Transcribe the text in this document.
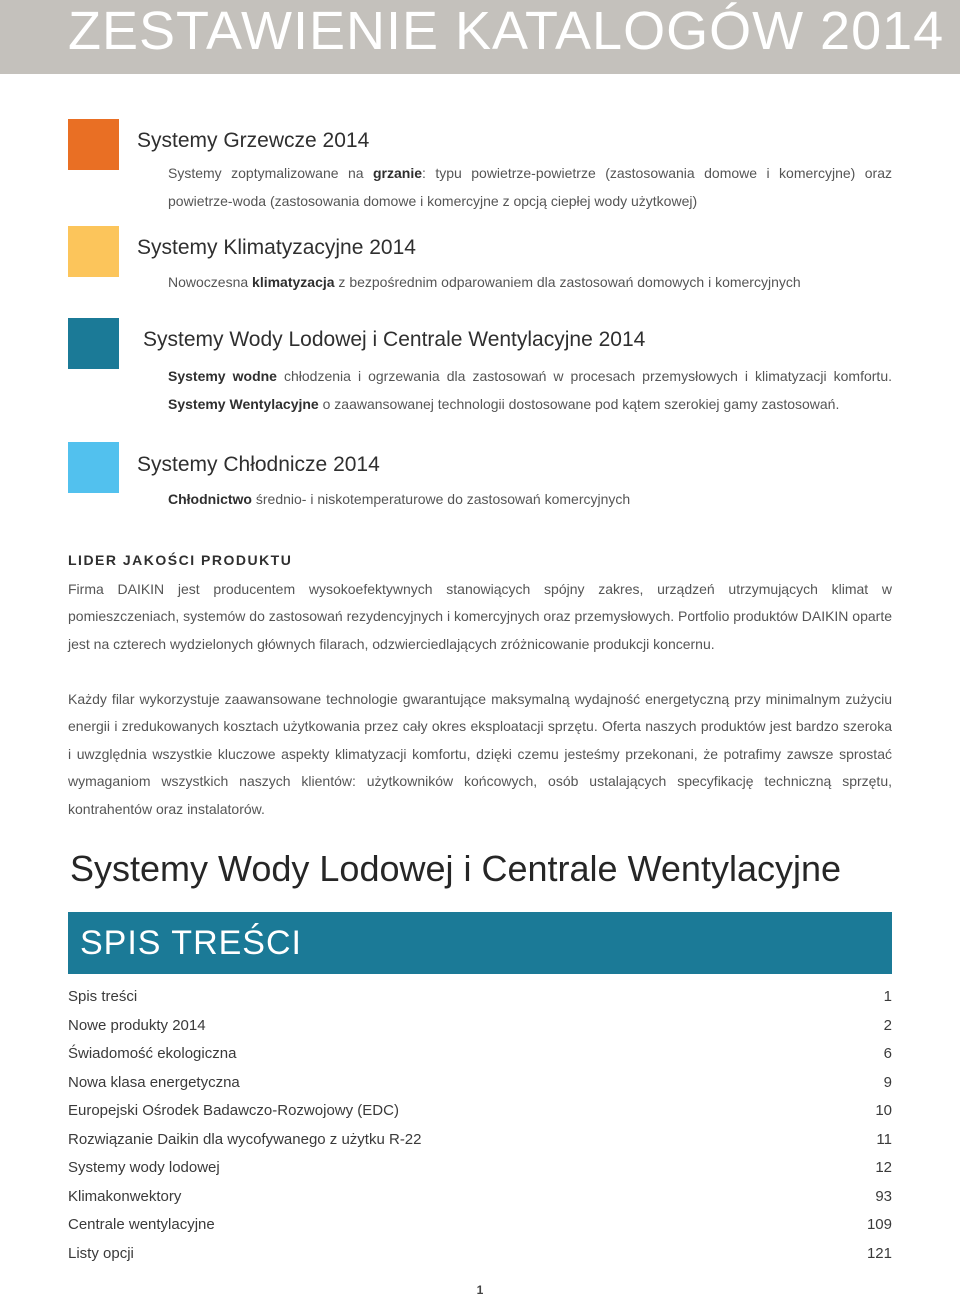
ZESTAWIENIE KATALOGÓW 2014
Systemy Grzewcze 2014

Systemy zoptymalizowane na grzanie: typu powietrze-powietrze (zastosowania domowe i komercyjne) oraz powietrze-woda (zastosowania domowe i komercyjne z opcją ciepłej wody użytkowej)

Systemy Klimatyzacyjne 2014

Nowoczesna klimatyzacja z bezpośrednim odparowaniem dla zastosowań domowych i komercyjnych

Systemy Wody Lodowej i Centrale Wentylacyjne 2014

Systemy wodne chłodzenia i ogrzewania dla zastosowań w procesach przemysłowych i klimatyzacji komfortu. Systemy Wentylacyjne o zaawansowanej technologii dostosowane pod kątem szerokiej gamy zastosowań.

Systemy Chłodnicze 2014

Chłodnictwo średnio- i niskotemperaturowe do zastosowań komercyjnych

LIDER JAKOŚCI PRODUKTU

Firma DAIKIN jest producentem wysokoefektywnych stanowiących spójny zakres, urządzeń utrzymujących klimat w pomieszczeniach, systemów do zastosowań rezydencyjnych i komercyjnych oraz przemysłowych. Portfolio produktów DAIKIN oparte jest na czterech wydzielonych głównych filarach, odzwierciedlających zróżnicowanie produkcji koncernu.

Każdy filar wykorzystuje zaawansowane technologie gwarantujące maksymalną wydajność energetyczną przy minimalnym zużyciu energii i zredukowanych kosztach użytkowania przez cały okres eksploatacji sprzętu. Oferta naszych produktów jest bardzo szeroka i uwzględnia wszystkie kluczowe aspekty klimatyzacji komfortu, dzięki czemu jesteśmy przekonani, że potrafimy zawsze sprostać wymaganiom wszystkich naszych klientów: użytkowników końcowych, osób ustalających specyfikację techniczną sprzętu, kontrahentów oraz instalatorów.

Systemy Wody Lodowej i Centrale Wentylacyjne
SPIS TREŚCI
Spis treści	1
Nowe produkty 2014	2
Świadomość ekologiczna	6
Nowa klasa energetyczna	9
Europejski Ośrodek Badawczo-Rozwojowy (EDC)	10
Rozwiązanie Daikin dla wycofywanego z użytku R-22	11
Systemy wody lodowej	12
Klimakonwektory	93
Centrale wentylacyjne	109
Listy opcji	121
1
